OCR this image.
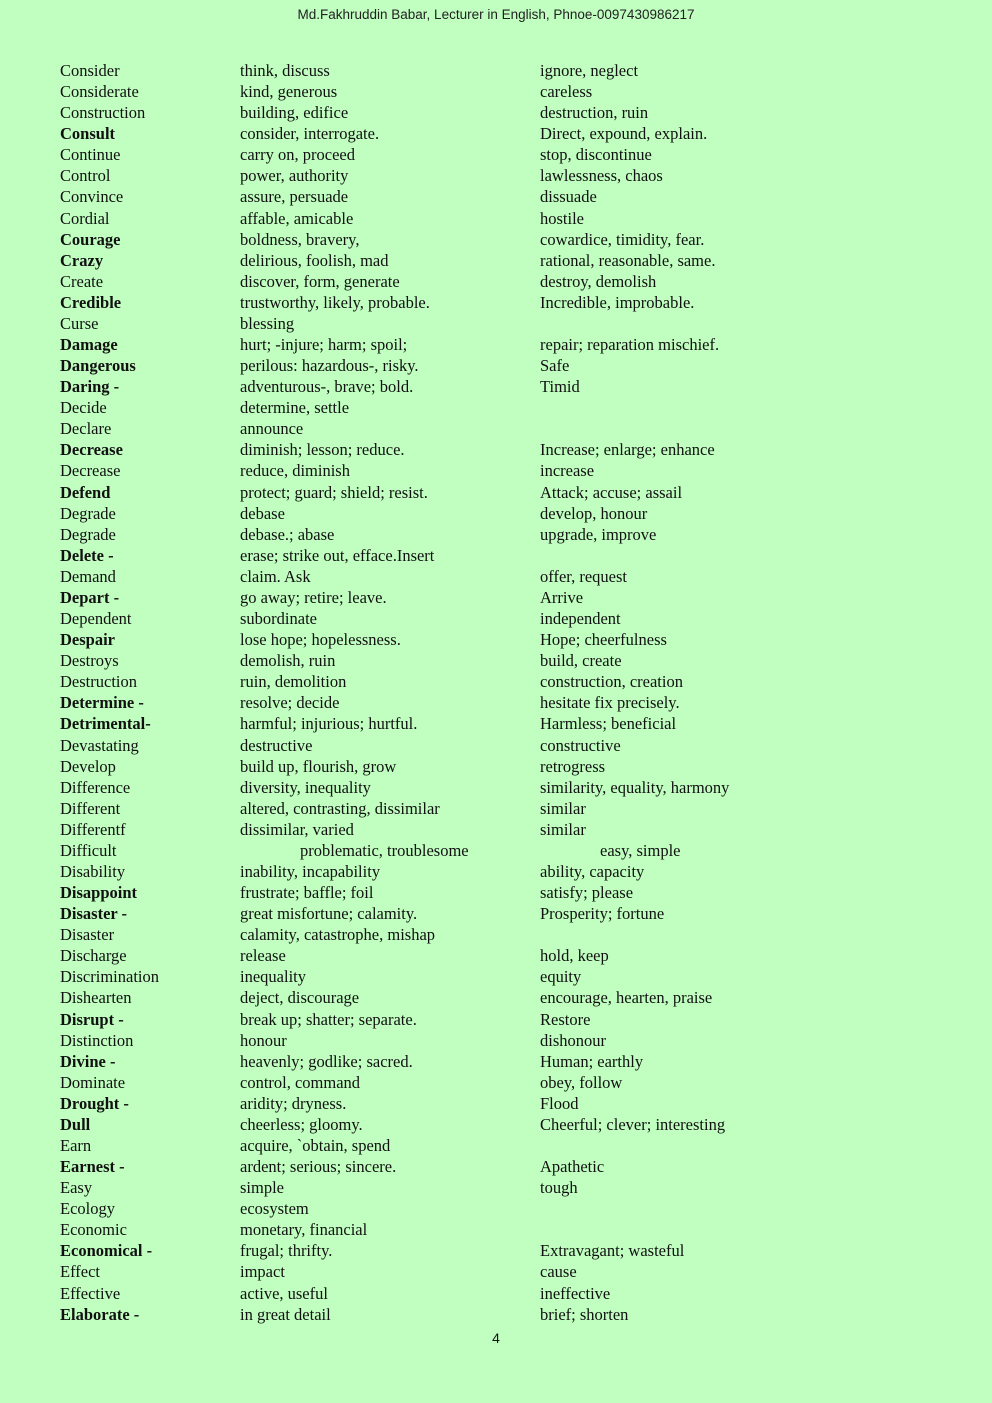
Md.Fakhruddin Babar, Lecturer in English, Phnoe-0097430986217
Consider	think, discuss	ignore, neglect
Considerate	kind, generous	careless
Construction	building, edifice	destruction, ruin
Consult	consider, interrogate.	Direct, expound, explain.
Continue	carry on, proceed	stop, discontinue
Control	power, authority	lawlessness, chaos
Convince	assure, persuade	dissuade
Cordial	affable, amicable	hostile
Courage	boldness, bravery,	cowardice, timidity, fear.
Crazy	delirious, foolish, mad	rational, reasonable, same.
Create	discover, form, generate	destroy, demolish
Credible	trustworthy, likely, probable.	Incredible, improbable.
Curse	blessing
Damage	hurt; -injure; harm; spoil;	repair; reparation mischief.
Dangerous	perilous: hazardous-, risky.	Safe
Daring -	adventurous-, brave; bold.	Timid
Decide	determine, settle
Declare	announce
Decrease	diminish; lesson; reduce.	Increase; enlarge; enhance
Decrease	reduce, diminish	increase
Defend	protect; guard; shield; resist.	Attack; accuse; assail
Degrade	debase	develop, honour
Degrade	debase.; abase	upgrade, improve
Delete -	erase; strike out, efface.Insert
Demand	claim. Ask	offer, request
Depart -	go away; retire; leave.	Arrive
Dependent	subordinate	independent
Despair	lose hope; hopelessness.	Hope; cheerfulness
Destroys	demolish, ruin	build, create
Destruction	ruin, demolition	construction, creation
Determine -	resolve; decide	hesitate fix precisely.
Detrimental-	harmful; injurious; hurtful.	Harmless; beneficial
Devastating	destructive	constructive
Develop	build up, flourish, grow	retrogress
Difference	diversity, inequality	similarity, equality, harmony
Different	altered, contrasting, dissimilar	similar
Differentf	dissimilar, varied	similar
Difficult	problematic, troublesome	easy, simple
Disability	inability, incapability	ability, capacity
Disappoint	frustrate; baffle; foil	satisfy; please
Disaster -	great misfortune; calamity.	Prosperity; fortune
Disaster	calamity, catastrophe, mishap
Discharge	release	hold, keep
Discrimination	inequality	equity
Dishearten	deject, discourage	encourage, hearten, praise
Disrupt -	break up; shatter; separate.	Restore
Distinction	honour	dishonour
Divine -	heavenly; godlike; sacred.	Human; earthly
Dominate	control, command	obey, follow
Drought -	aridity; dryness.	Flood
Dull	cheerless; gloomy.	Cheerful; clever; interesting
Earn	acquire, `obtain, spend
Earnest -	ardent; serious; sincere.	Apathetic
Easy	simple	tough
Ecology	ecosystem
Economic	monetary, financial
Economical -	frugal; thrifty.	Extravagant; wasteful
Effect	impact	cause
Effective	active, useful	ineffective
Elaborate -	in great detail	brief; shorten
4
